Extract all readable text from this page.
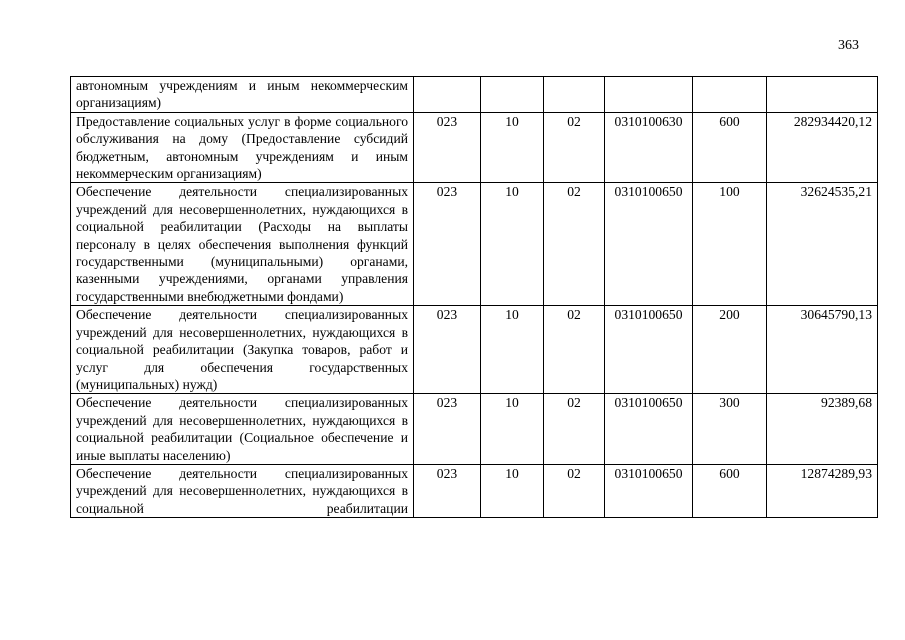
363
автономным учреждениям и иным некоммерческим организациям)						
Предоставление социальных услуг в форме социального обслуживания на дому (Предоставление субсидий бюджетным, автономным учреждениям и иным некоммерческим организациям)	023	10	02	0310100630	600	282934420,12
Обеспечение деятельности специализированных учреждений для несовершеннолетних, нуждающихся в социальной реабилитации (Расходы на выплаты персоналу в целях обеспечения выполнения функций государственными (муниципальными) органами, казенными учреждениями, органами управления государственными внебюджетными фондами)	023	10	02	0310100650	100	32624535,21
Обеспечение деятельности специализированных учреждений для несовершеннолетних, нуждающихся в социальной реабилитации (Закупка товаров, работ и услуг для обеспечения государственных (муниципальных) нужд)	023	10	02	0310100650	200	30645790,13
Обеспечение деятельности специализированных учреждений для несовершеннолетних, нуждающихся в социальной реабилитации (Социальное обеспечение и иные выплаты населению)	023	10	02	0310100650	300	92389,68

Обеспечение деятельности специализированных учреждений для несовершеннолетних, нуждающихся в социальной реабилитации	023	10	02	0310100650	600	12874289,93
